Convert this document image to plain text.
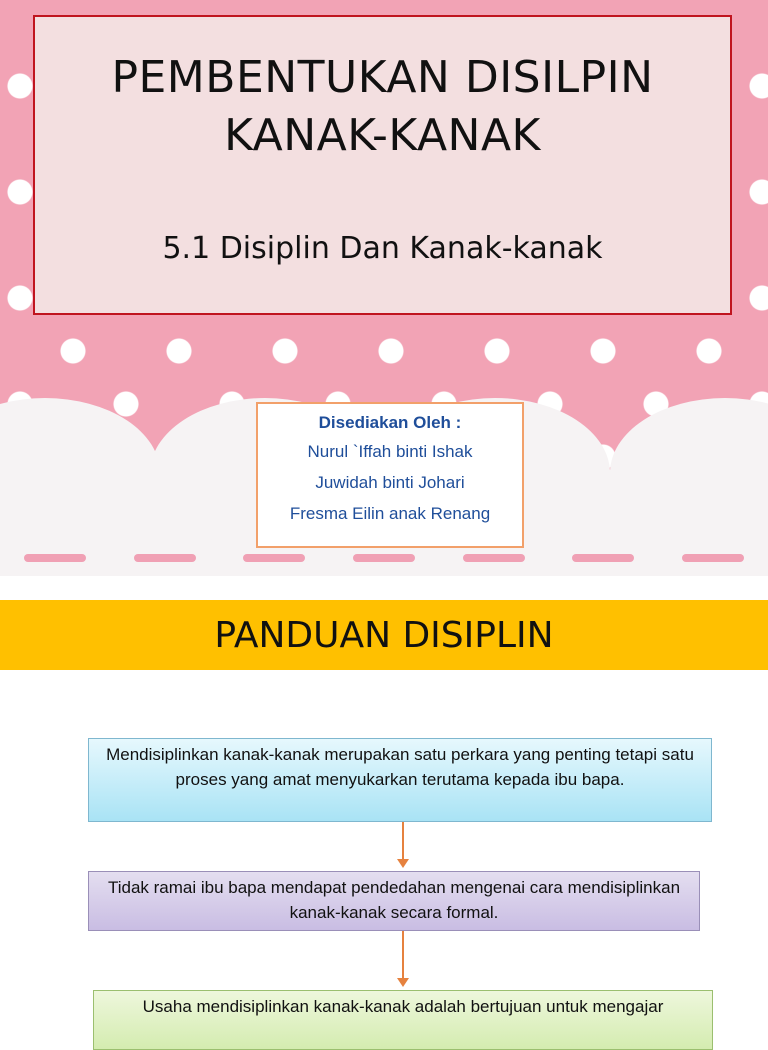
PEMBENTUKAN DISILPIN
KANAK-KANAK
5.1 Disiplin Dan Kanak-kanak
Disediakan Oleh :
Nurul `Iffah binti Ishak
Juwidah binti Johari
Fresma Eilin anak Renang
PANDUAN DISIPLIN
Mendisiplinkan kanak-kanak merupakan satu perkara yang penting tetapi satu proses yang amat menyukarkan terutama kepada ibu bapa.
Tidak ramai ibu bapa mendapat pendedahan mengenai cara mendisiplinkan kanak-kanak secara formal.
Usaha mendisiplinkan kanak-kanak adalah bertujuan untuk mengajar
